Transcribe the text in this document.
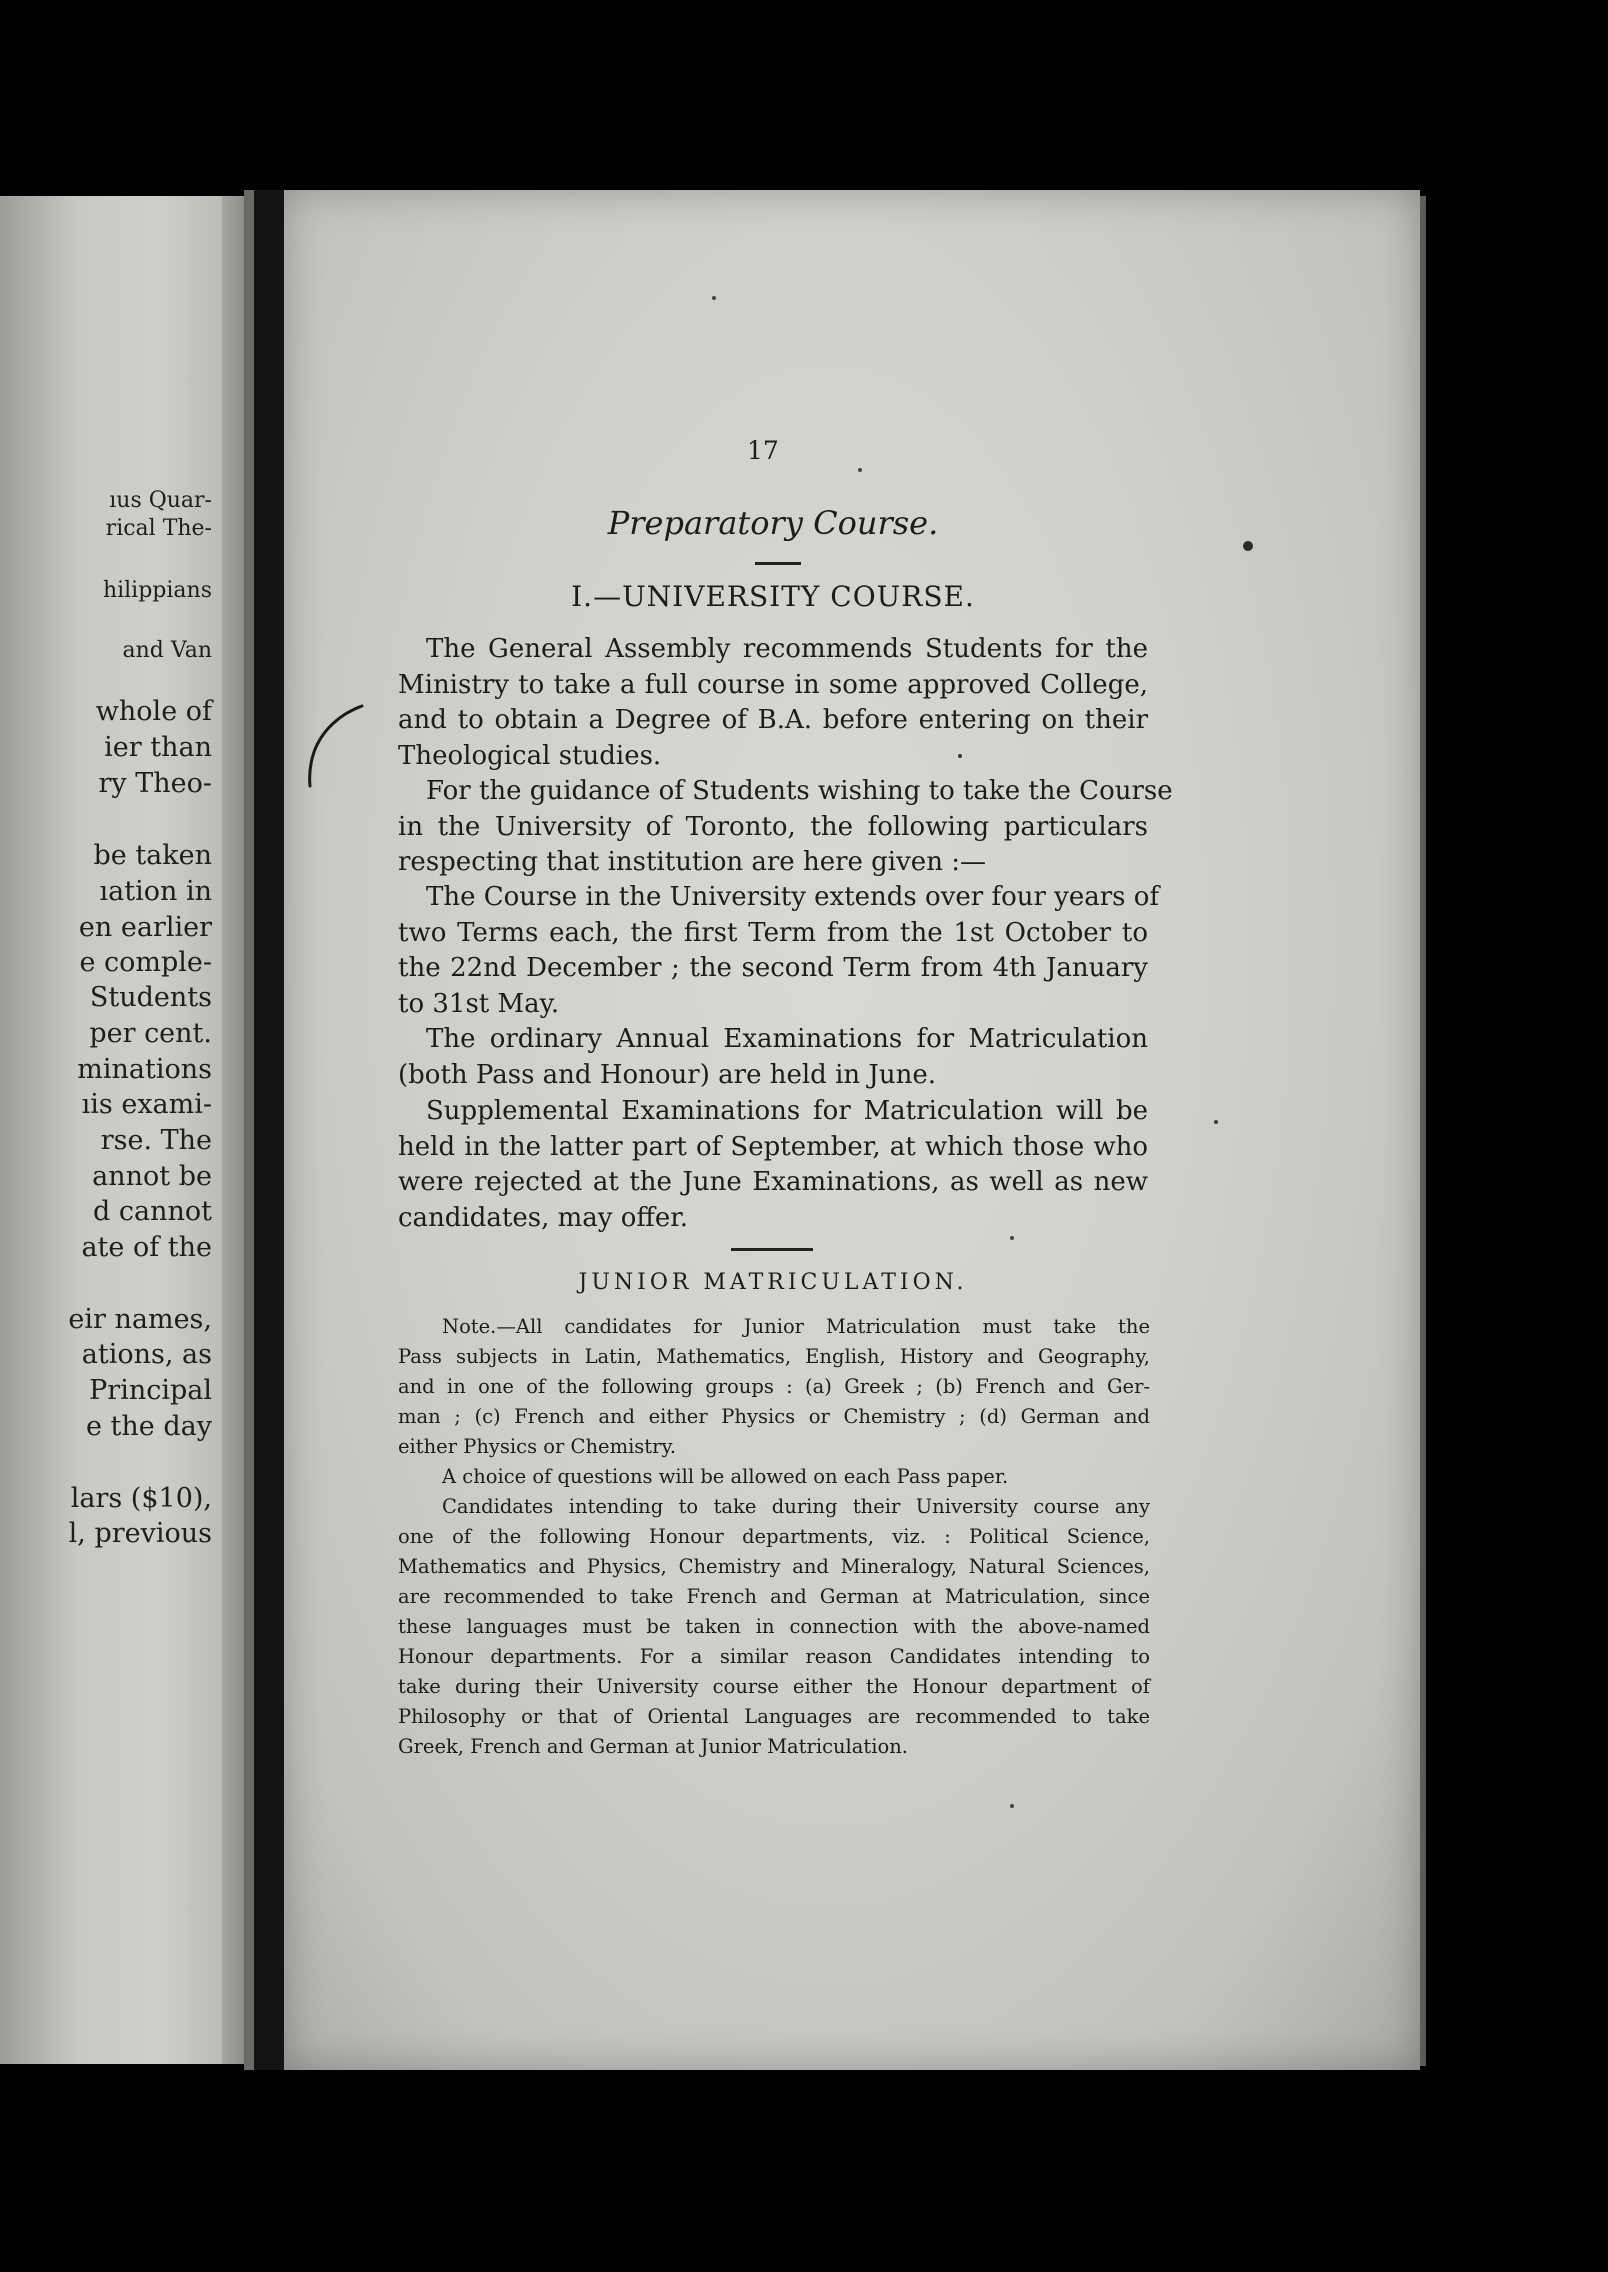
ıus Quar-
rical The-
hilippians
and Van
whole of
ier than
ry Theo-
be taken
ıation in
en earlier
e comple-
Students
per cent.
minations
ıis exami-
rse. The
annot be
d cannot
ate of the
eir names,
ations, as
Principal
e the day
lars ($10),
l, previous
17
Preparatory Course.
I.—UNIVERSITY COURSE.
The General Assembly recommends Students for the
Ministry to take a full course in some approved College,
and to obtain a Degree of B.A. before entering on their
Theological studies.
For the guidance of Students wishing to take the Course
in the University of Toronto, the following particulars
respecting that institution are here given :—
The Course in the University extends over four years of
two Terms each, the first Term from the 1st October to
the 22nd December ; the second Term from 4th January
to 31st May.
The ordinary Annual Examinations for Matriculation
(both Pass and Honour) are held in June.
Supplemental Examinations for Matriculation will be
held in the latter part of September, at which those who
were rejected at the June Examinations, as well as new
candidates, may offer.
JUNIOR MATRICULATION.
Note.—All candidates for Junior Matriculation must take the
Pass subjects in Latin, Mathematics, English, History and Geography,
and in one of the following groups : (a) Greek ; (b) French and Ger-
man ; (c) French and either Physics or Chemistry ; (d) German and
either Physics or Chemistry.
A choice of questions will be allowed on each Pass paper.
Candidates intending to take during their University course any
one of the following Honour departments, viz. : Political Science,
Mathematics and Physics, Chemistry and Mineralogy, Natural Sciences,
are recommended to take French and German at Matriculation, since
these languages must be taken in connection with the above-named
Honour departments. For a similar reason Candidates intending to
take during their University course either the Honour department of
Philosophy or that of Oriental Languages are recommended to take
Greek, French and German at Junior Matriculation.
